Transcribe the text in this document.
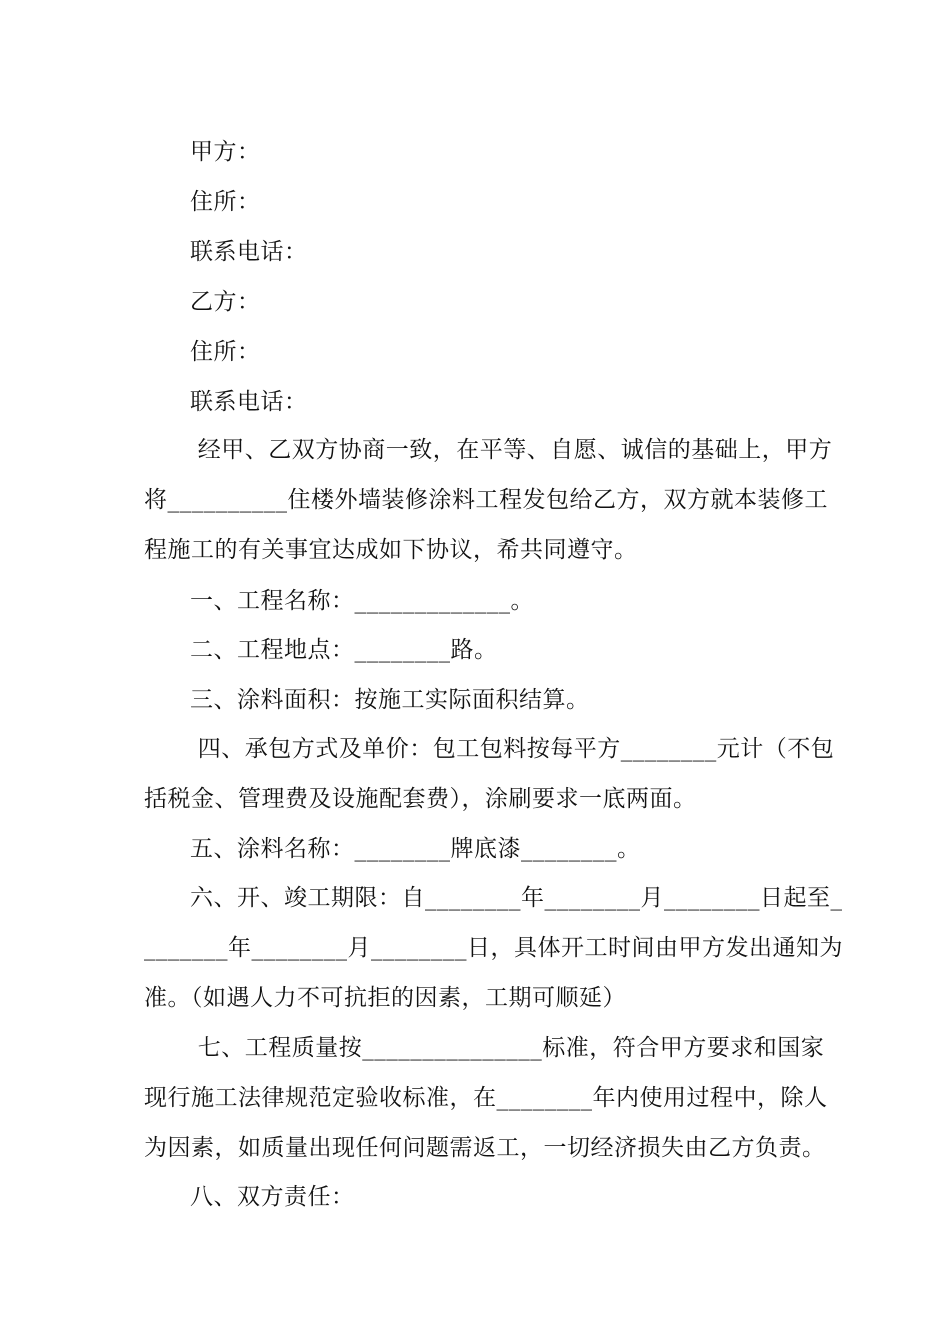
甲方：
住所：
联系电话：
乙方：
住所：
联系电话：
经甲、乙双方协商一致，在平等、自愿、诚信的基础上，甲方
将__________住楼外墙装修涂料工程发包给乙方，双方就本装修工
程施工的有关事宜达成如下协议，希共同遵守。
一、工程名称：_____________。
二、工程地点：________路。
三、涂料面积：按施工实际面积结算。
四、承包方式及单价：包工包料按每平方________元计（不包
括税金、管理费及设施配套费），涂刷要求一底两面。
五、涂料名称：________牌底漆________。
六、开、竣工期限：自________年________月________日起至_
_______年________月________日，具体开工时间由甲方发出通知为
准。（如遇人力不可抗拒的因素，工期可顺延）
七、工程质量按_______________标准，符合甲方要求和国家
现行施工法律规范定验收标准，在________年内使用过程中，除人
为因素，如质量出现任何问题需返工，一切经济损失由乙方负责。
八、双方责任：
